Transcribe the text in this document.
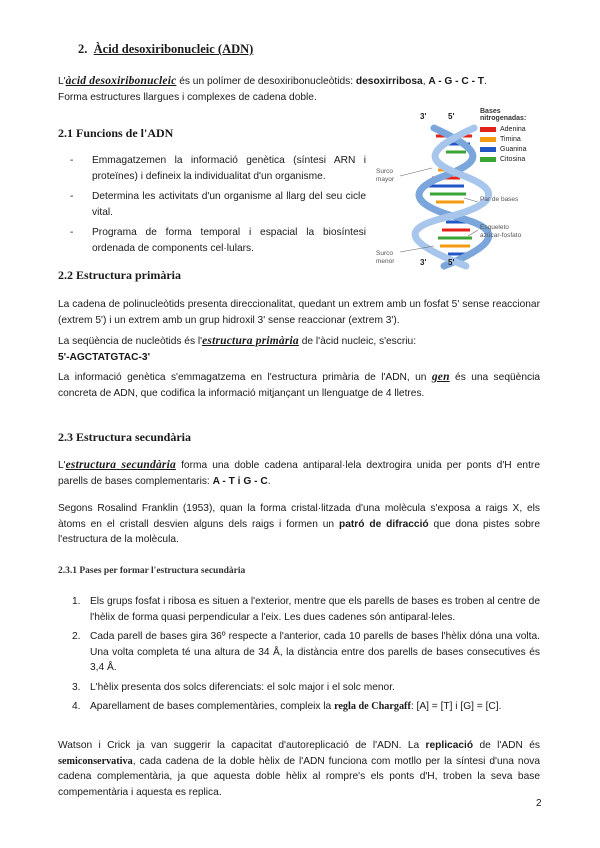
2. Àcid desoxiribonucleic (ADN)
L'àcid desoxiribonucleic és un polímer de desoxiribonucleòtids: desoxirribosa, A - G - C - T.
Forma estructures llargues i complexes de cadena doble.
2.1 Funcions de l'ADN
- Emmagatzemen la informació genètica (síntesi ARN i proteïnes) i defineix la individualitat d'un organisme.
- Determina les activitats d'un organisme al llarg del seu cicle vital.
- Programa de forma temporal i espacial la biosíntesi ordenada de components cel·lulars.
3'	5'
3'	5'
Surco
mayor
Surco
menor
Par de bases
Esqueleto
azúcar-fosfato
Bases nitrogenadas:
Adenina
Timina
Guanina
Citosina
2.2 Estructura primària
La cadena de polinucleòtids presenta direccionalitat, quedant un extrem amb un fosfat 5' sense reaccionar (extrem 5') i un extrem amb un grup hidroxil 3' sense reaccionar (extrem 3').
La seqüència de nucleòtids és l'estructura primària de l'àcid nucleic, s'escriu:
5'-AGCTATGTAC-3'
La informació genètica s'emmagatzema en l'estructura primària de l'ADN, un gen és una seqüència concreta de ADN, que codifica la informació mitjançant un llenguatge de 4 lletres.
2.3 Estructura secundària
L'estructura secundària forma una doble cadena antiparal·lela dextrogira unida per ponts d'H entre parells de bases complementaris: A - T i G - C.
Segons Rosalind Franklin (1953), quan la forma cristal·litzada d'una molècula s'exposa a raigs X, els àtoms en el cristall desvien alguns dels raigs i formen un patró de difracció que dona pistes sobre l'estructura de la molècula.
2.3.1 Pases per formar l'estructura secundària
1. Els grups fosfat i ribosa es situen a l'exterior, mentre que els parells de bases es troben al centre de l'hèlix de forma quasi perpendicular a l'eix. Les dues cadenes són antiparal·leles.
2. Cada parell de bases gira 36º respecte a l'anterior, cada 10 parells de bases l'hèlix dóna una volta. Una volta completa té una altura de 34 Å, la distància entre dos parells de bases consecutives és 3,4 Å.
3. L'hèlix presenta dos solcs diferenciats: el solc major i el solc menor.
4. Aparellament de bases complementàries, compleix la regla de Chargaff: [A] = [T] i [G] = [C].
Watson i Crick ja van suggerir la capacitat d'autoreplicació de l'ADN. La replicació de l'ADN és semiconservativa, cada cadena de la doble hèlix de l'ADN funciona com motllo per la síntesi d'una nova cadena complementària, ja que aquesta doble hèlix al rompre's els ponts d'H, troben la seva base compementària i aquesta es replica.
2
